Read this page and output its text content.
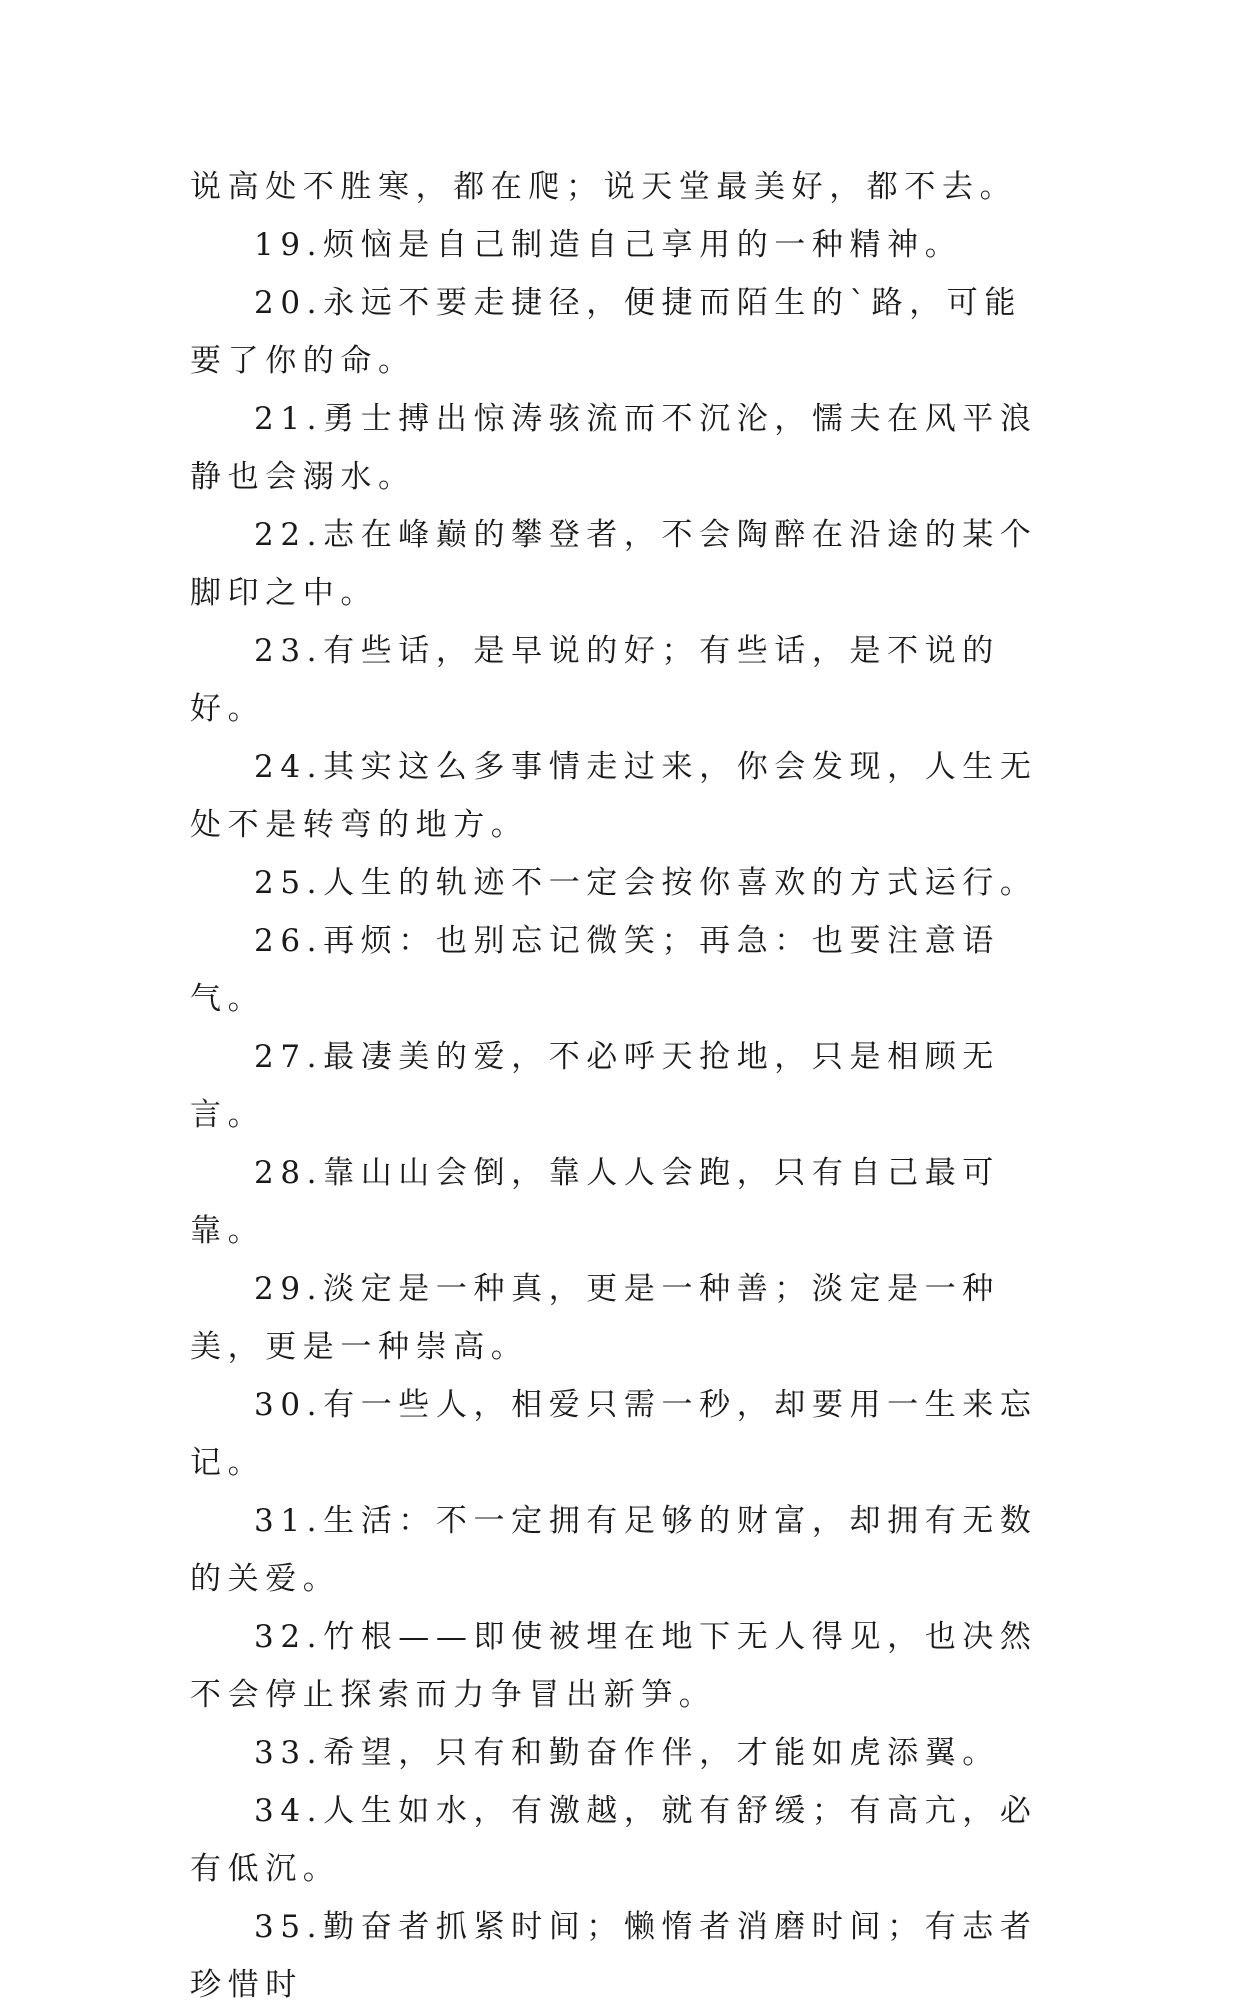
说高处不胜寒，都在爬；说天堂最美好，都不去。

19.烦恼是自己制造自己享用的一种精神。

20.永远不要走捷径，便捷而陌生的`路，可能要了你的命。

21.勇士搏出惊涛骇流而不沉沦，懦夫在风平浪静也会溺水。

22.志在峰巅的攀登者，不会陶醉在沿途的某个脚印之中。

23.有些话，是早说的好；有些话，是不说的好。

24.其实这么多事情走过来，你会发现，人生无处不是转弯的地方。

25.人生的轨迹不一定会按你喜欢的方式运行。

26.再烦：也别忘记微笑；再急：也要注意语气。

27.最凄美的爱，不必呼天抢地，只是相顾无言。

28.靠山山会倒，靠人人会跑，只有自己最可靠。

29.淡定是一种真，更是一种善；淡定是一种美，更是一种崇高。

30.有一些人，相爱只需一秒，却要用一生来忘记。

31.生活：不一定拥有足够的财富，却拥有无数的关爱。

32.竹根——即使被埋在地下无人得见，也决然不会停止探索而力争冒出新笋。

33.希望，只有和勤奋作伴，才能如虎添翼。

34.人生如水，有激越，就有舒缓；有高亢，必有低沉。

35.勤奋者抓紧时间；懒惰者消磨时间；有志者珍惜时
